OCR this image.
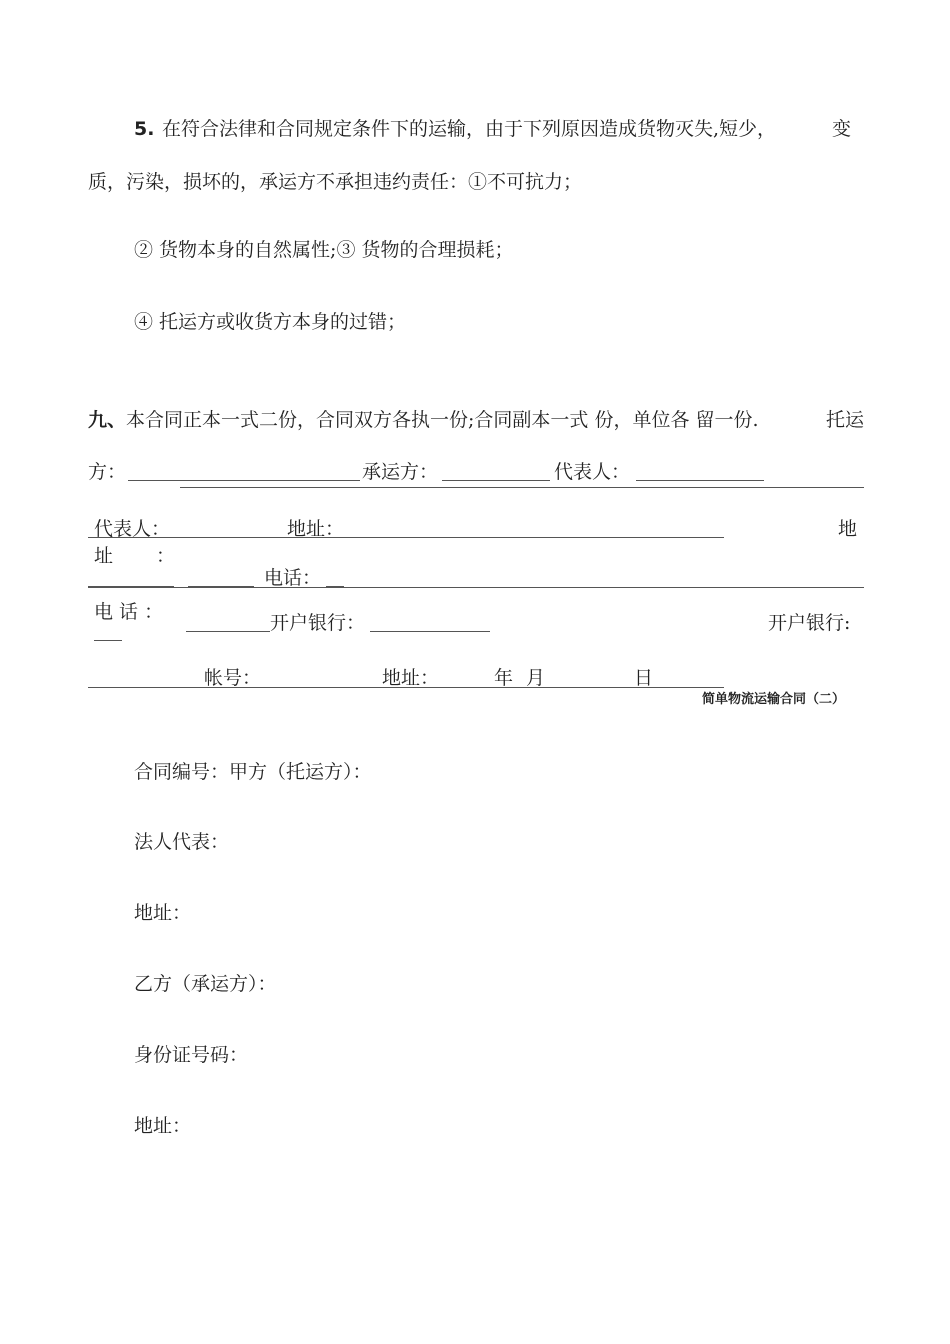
5. 在符合法律和合同规定条件下的运输，由于下列原因造成货物灭失,短少，	变
质，污染，损坏的，承运方不承担违约责任：①不可抗力；
② 货物本身的自然属性;③ 货物的合理损耗；
④ 托运方或收货方本身的过错；
九、 本合同正本一式二份，合同双方各执一份;合同副本一式 份，单位各 留一份.	托运
方：	承运方：	代表人：
代表人：	地址：	地
址 ：
电话：
电 话 ：	开户银行：	开户银行:
帐号：	地址：	年 月	日
简单物流运输合同（二）
合同编号：甲方（托运方）：
法人代表：
地址：
乙方（承运方）：
身份证号码：
地址：
